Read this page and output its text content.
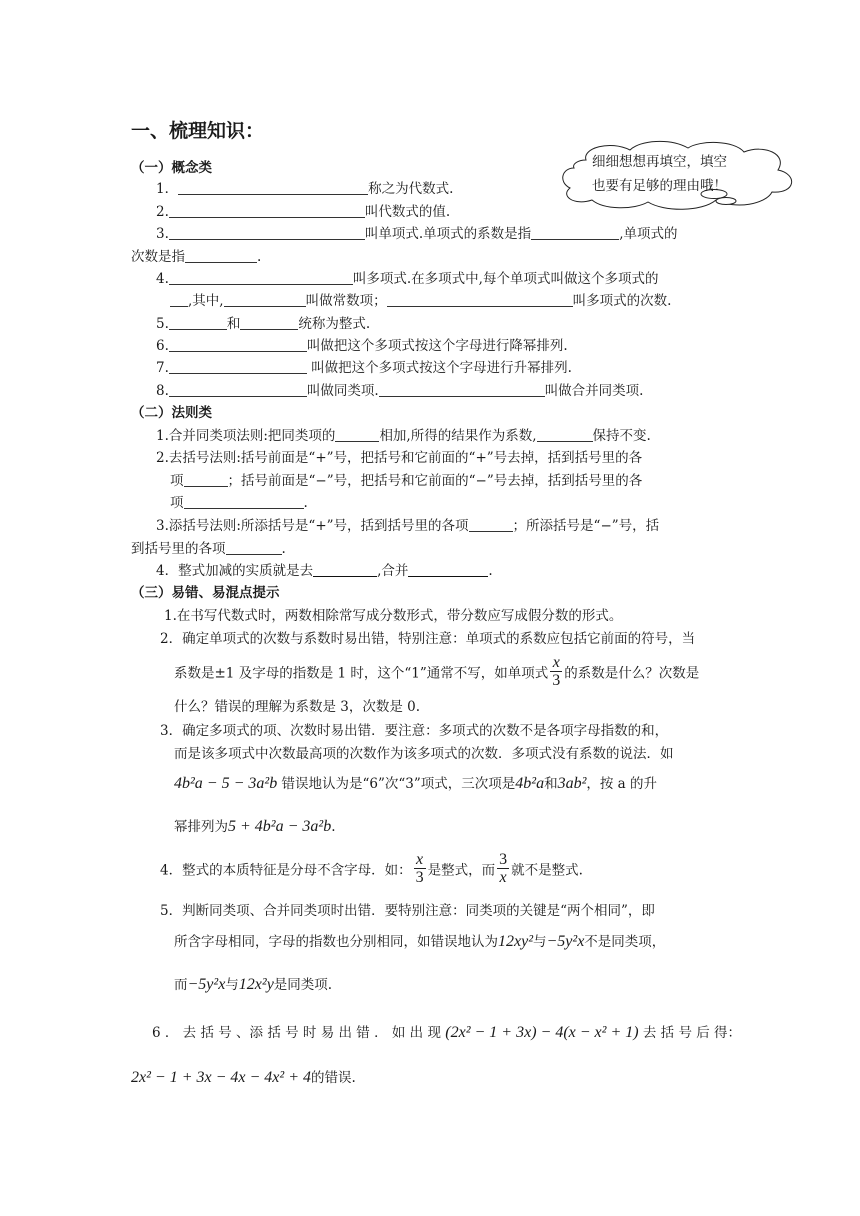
一、梳理知识：
细细想想再填空，填空
也要有足够的理由哦！
（一）概念类
1．	称之为代数式.
2.	叫代数式的值.
3.	叫单项式.单项式的系数是指	,单项式的
次数是指	.
4.	叫多项式.在多项式中,每个单项式叫做这个多项式的
,其中,	叫做常数项；	叫多项式的次数.
5.	和	统称为整式.
6.	叫做把这个多项式按这个字母进行降幂排列.
7.	叫做把这个多项式按这个字母进行升幂排列.
8.	叫做同类项.	叫做合并同类项.
（二）法则类
1.合并同类项法则:把同类项的	相加,所得的结果作为系数,	保持不变.
2.去括号法则:括号前面是“+”号，把括号和它前面的“+”号去掉，括到括号里的各
项	；括号前面是“−”号，把括号和它前面的“−”号去掉，括到括号里的各
项	.
3.添括号法则:所添括号是“+”号，括到括号里的各项	；所添括号是“−”号，括
到括号里的各项	.
4．整式加减的实质就是去	,合并	.
（三）易错、易混点提示
1.在书写代数式时，两数相除常写成分数形式，带分数应写成假分数的形式。
2．确定单项式的次数与系数时易出错，特别注意：单项式的系数应包括它前面的符号，当
系数是±1 及字母的指数是 1 时，这个“1”通常不写，如单项式 $\frac{x}{3}$ 的系数是什么？次数是
什么？错误的理解为系数是 3，次数是 0.
3．确定多项式的项、次数时易出错．要注意：多项式的次数不是各项字母指数的和，
而是该多项式中次数最高项的次数作为该多项式的次数．多项式没有系数的说法．如
4b²a − 5 − 3a²b 错误地认为是“6”次“3”项式，三次项是4b²a和3ab²，按 a 的升
幂排列为5 + 4b²a − 3a²b.
4．整式的本质特征是分母不含字母．如： $\frac{x}{3}$ 是整式，而 $\frac{3}{x}$ 就不是整式.
5．判断同类项、合并同类项时出错．要特别注意：同类项的关键是“两个相同”，即
所含字母相同，字母的指数也分别相同，如错误地认为12xy²与−5y²x不是同类项，
而−5y²x与12x²y是同类项.
6 ． 去 括 号 、添 括 号 时 易 出 错 ． 如 出 现 (2x² − 1 + 3x) − 4(x − x² + 1) 去 括 号 后 得：
2x² − 1 + 3x − 4x − 4x² + 4的错误.
